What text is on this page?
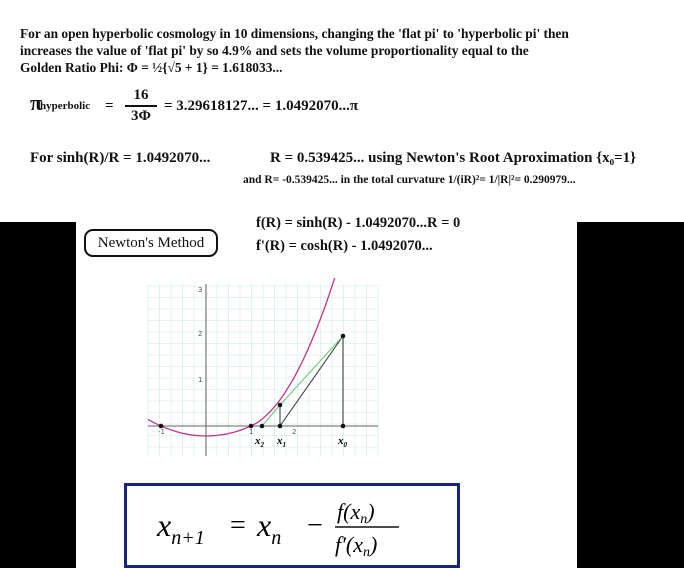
For an open hyperbolic cosmology in 10 dimensions, changing the 'flat pi' to 'hyperbolic pi' then
increases the value of 'flat pi' by so 4.9% and sets the volume proportionality equal to the
Golden Ratio Phi: Φ = ½{√5 + 1} = 1.618033...
π
hyperbolic = $\frac{16}{3\Phi} = 3.29618127$... = 1.0492070...π
For sinh(R)/R = 1.0492070...	R = 0.539425... using Newton's Root Aproximation {x₀=1}
and R= -0.539425... in the total curvature 1/(iR)²= 1/|R|²= 0.290979...
Newton's Method
f(R) = sinh(R) - 1.0492070...R = 0
f'(R) = cosh(R) - 1.0492070...
3
2
1
-1	1	2
$x_2$ $x_1$	$x_0$
$x_{n+1} = x_n - f(xn)$
f′(xn)
